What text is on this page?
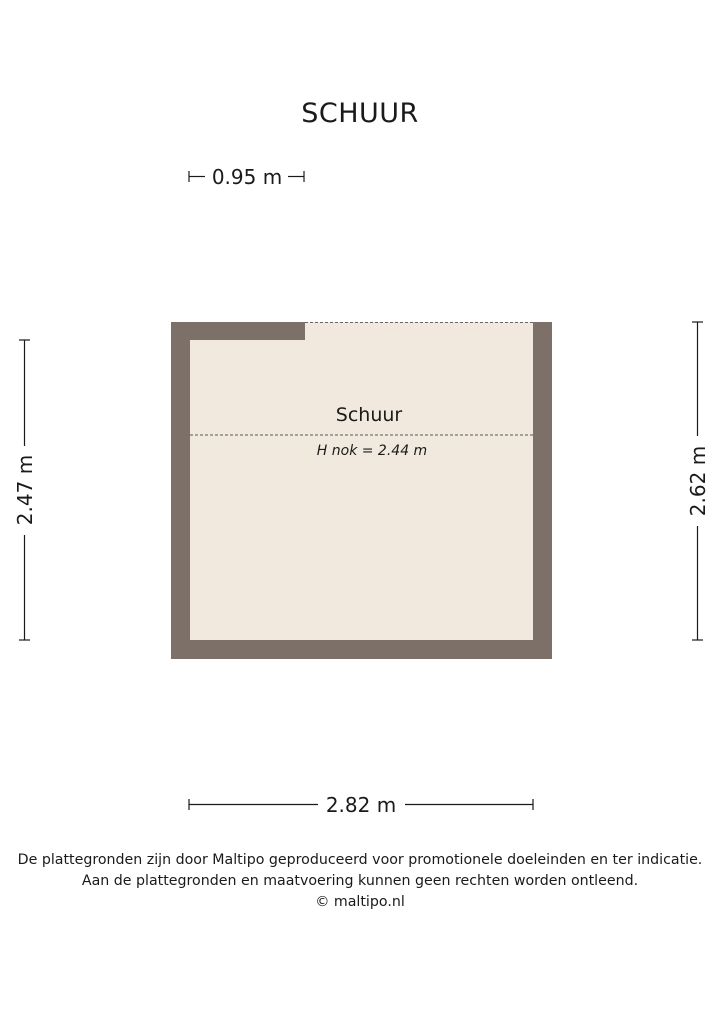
SCHUUR
Schuur
H nok = 2.44 m
0.95 m
2.82 m
2.47 m	2.62 m
De plattegronden zijn door Maltipo geproduceerd voor promotionele doeleinden en ter indicatie.
Aan de plattegronden en maatvoering kunnen geen rechten worden ontleend.
© maltipo.nl
